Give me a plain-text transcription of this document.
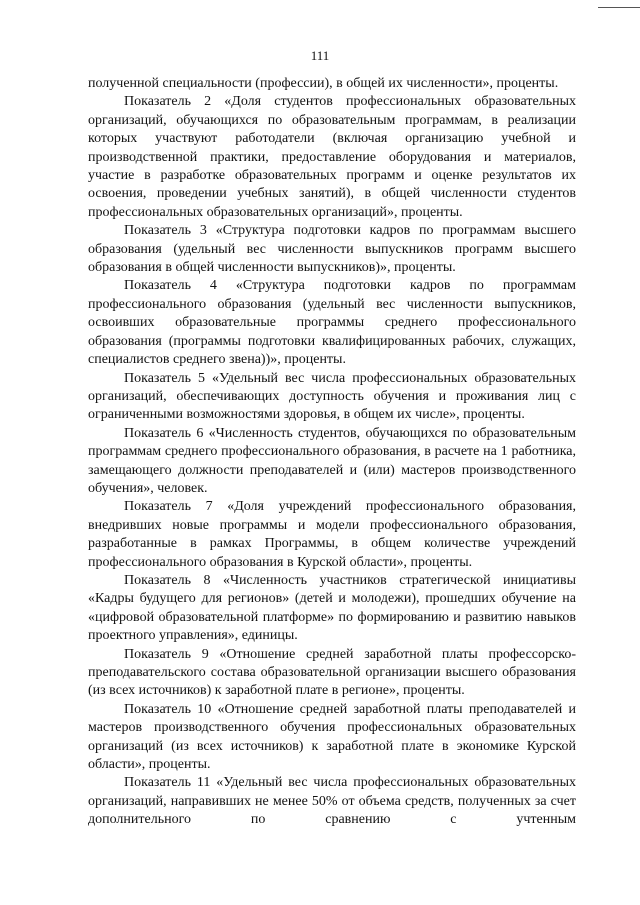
111

полученной специальности (профессии), в общей их численности», проценты.

Показатель 2 «Доля студентов профессиональных образовательных организаций, обучающихся по образовательным программам, в реализации которых участвуют работодатели (включая организацию учебной и производственной практики, предоставление оборудования и материалов, участие в разработке образовательных программ и оценке результатов их освоения, проведении учебных занятий), в общей численности студентов профессиональных образовательных организаций», проценты.

Показатель 3 «Структура подготовки кадров по программам высшего образования (удельный вес численности выпускников программ высшего образования в общей численности выпускников)», проценты.

Показатель 4 «Структура подготовки кадров по программам профессионального образования (удельный вес численности выпускников, освоивших образовательные программы среднего профессионального образования (программы подготовки квалифицированных рабочих, служащих, специалистов среднего звена))», проценты.

Показатель 5 «Удельный вес числа профессиональных образовательных организаций, обеспечивающих доступность обучения и проживания лиц с ограниченными возможностями здоровья, в общем их числе», проценты.

Показатель 6 «Численность студентов, обучающихся по образовательным программам среднего профессионального образования, в расчете на 1 работника, замещающего должности преподавателей и (или) мастеров производственного обучения», человек.

Показатель 7 «Доля учреждений профессионального образования, внедривших новые программы и модели профессионального образования, разработанные в рамках Программы, в общем количестве учреждений профессионального образования в Курской области», проценты.

Показатель 8 «Численность участников стратегической инициативы «Кадры будущего для регионов» (детей и молодежи), прошедших обучение на «цифровой образовательной платформе» по формированию и развитию навыков проектного управления», единицы.

Показатель 9 «Отношение средней заработной платы профессорско-преподавательского состава образовательной организации высшего образования (из всех источников) к заработной плате в регионе», проценты.

Показатель 10 «Отношение средней заработной платы преподавателей и мастеров производственного обучения профессиональных образовательных организаций (из всех источников) к заработной плате в экономике Курской области», проценты.

Показатель 11 «Удельный вес числа профессиональных образовательных организаций, направивших не менее 50% от объема средств, полученных за счет дополнительного по сравнению с учтенным
